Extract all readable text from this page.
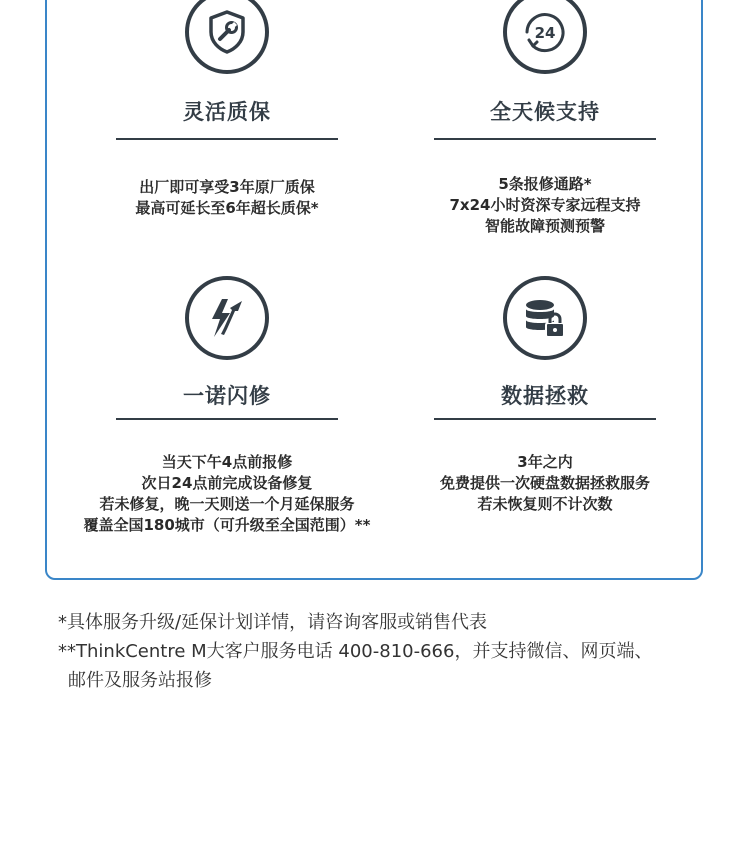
灵活质保
出厂即可享受3年原厂质保
最高可延长至6年超长质保*
24
全天候支持
5条报修通路*
7x24小时资深专家远程支持
智能故障预测预警
一诺闪修
当天下午4点前报修
次日24点前完成设备修复
若未修复，晚一天则送一个月延保服务
覆盖全国180城市（可升级至全国范围）**
数据拯救
3年之内
免费提供一次硬盘数据拯救服务
若未恢复则不计次数

*具体服务升级/延保计划详情，请咨询客服或销售代表

**ThinkCentre M大客户服务电话 400-810-666，并支持微信、网页端、

邮件及服务站报修
